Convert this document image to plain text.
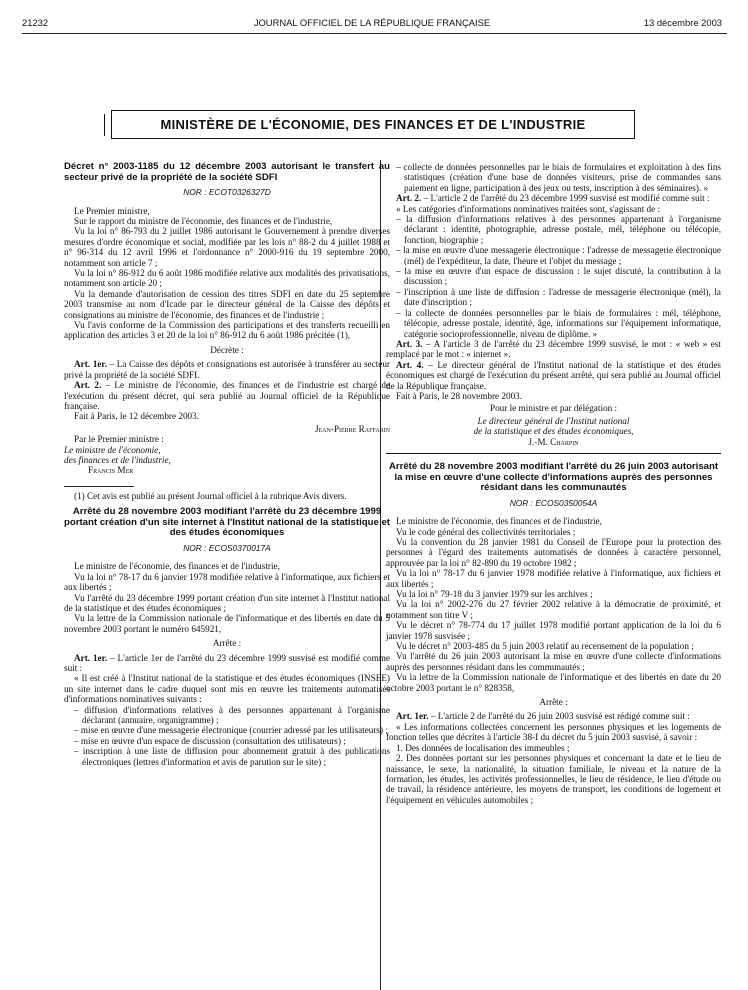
21232	JOURNAL OFFICIEL DE LA RÉPUBLIQUE FRANÇAISE	13 décembre 2003
MINISTÈRE DE L'ÉCONOMIE, DES FINANCES ET DE L'INDUSTRIE

Décret n° 2003-1185 du 12 décembre 2003 autorisant le transfert au secteur privé de la propriété de la société SDFI

NOR : ECOT0326327D

Le Premier ministre,

Sur le rapport du ministre de l'économie, des finances et de l'industrie,

Vu la loi n° 86-793 du 2 juillet 1986 autorisant le Gouvernement à prendre diverses mesures d'ordre économique et social, modifiée par les lois n° 88-2 du 4 juillet 1988 et n° 96-314 du 12 avril 1996 et l'ordonnance n° 2000-916 du 19 septembre 2000, notamment son article 7 ;

Vu la loi n° 86-912 du 6 août 1986 modifiée relative aux modalités des privatisations, notamment son article 20 ;

Vu la demande d'autorisation de cession des titres SDFI en date du 25 septembre 2003 transmise au nom d'Icade par le directeur général de la Caisse des dépôts et consignations au ministre de l'économie, des finances et de l'industrie ;

Vu l'avis conforme de la Commission des participations et des transferts recueilli en application des articles 3 et 20 de la loi n° 86-912 du 6 août 1986 précitée (1),

Décrète :

Art. 1er. – La Caisse des dépôts et consignations est autorisée à transférer au secteur privé la propriété de la société SDFI.

Art. 2. – Le ministre de l'économie, des finances et de l'industrie est chargé de l'exécution du présent décret, qui sera publié au Journal officiel de la République française.

Fait à Paris, le 12 décembre 2003.

Jean-Pierre Raffarin

Par le Premier ministre :

Le ministre de l'économie,

des finances et de l'industrie,

Francis Mer

(1) Cet avis est publié au présent Journal officiel à la rubrique Avis divers.

Arrêté du 28 novembre 2003 modifiant l'arrêté du 23 décembre 1999 portant création d'un site internet à l'Institut national de la statistique et des études économiques

NOR : ECOS0370017A

Le ministre de l'économie, des finances et de l'industrie,

Vu la loi n° 78-17 du 6 janvier 1978 modifiée relative à l'informatique, aux fichiers et aux libertés ;

Vu l'arrêté du 23 décembre 1999 portant création d'un site internet à l'Institut national de la statistique et des études économiques ;

Vu la lettre de la Commission nationale de l'informatique et des libertés en date du 5 novembre 2003 portant le numéro 645921,

Arrête :

Art. 1er. – L'article 1er de l'arrêté du 23 décembre 1999 susvisé est modifié comme suit :

« Il est créé à l'Institut national de la statistique et des études économiques (INSEE) un site internet dans le cadre duquel sont mis en œuvre les traitements automatisés d'informations nominatives suivants :

– diffusion d'informations relatives à des personnes appartenant à l'organisme déclarant (annuaire, organigramme) ;

– mise en œuvre d'une messagerie électronique (courrier adressé par les utilisateurs) ;

– mise en œuvre d'un espace de discussion (consultation des utilisateurs) ;

– inscription à une liste de diffusion pour abonnement gratuit à des publications électroniques (lettres d'information et avis de parution sur le site) ;

– collecte de données personnelles par le biais de formulaires et exploitation à des fins statistiques (création d'une base de données visiteurs, prise de commandes sans paiement en ligne, participation à des jeux ou tests, inscription à des séminaires). »

Art. 2. – L'article 2 de l'arrêté du 23 décembre 1999 susvisé est modifié comme suit :

« Les catégories d'informations nominatives traitées sont, s'agissant de :

– la diffusion d'informations relatives à des personnes appartenant à l'organisme déclarant : identité, photographie, adresse postale, mél, téléphone ou télécopie, fonction, biographie ;

– la mise en œuvre d'une messagerie électronique : l'adresse de messagerie électronique (mél) de l'expéditeur, la date, l'heure et l'objet du message ;

– la mise en œuvre d'un espace de discussion : le sujet discuté, la contribution à la discussion ;

– l'inscription à une liste de diffusion : l'adresse de messagerie électronique (mél), la date d'inscription ;

– la collecte de données personnelles par le biais de formulaires : mél, téléphone, télécopie, adresse postale, identité, âge, informations sur l'équipement informatique, catégorie socioprofessionnelle, niveau de diplôme. »

Art. 3. – A l'article 3 de l'arrêté du 23 décembre 1999 susvisé, le mot : « web » est remplacé par le mot : « internet ».

Art. 4. – Le directeur général de l'Institut national de la statistique et des études économiques est chargé de l'exécution du présent arrêté, qui sera publié au Journal officiel de la République française.

Fait à Paris, le 28 novembre 2003.

Pour le ministre et par délégation :

Le directeur général de l'Institut national

de la statistique et des études économiques,

J.-M. Charpin

Arrêté du 28 novembre 2003 modifiant l'arrêté du 26 juin 2003 autorisant la mise en œuvre d'une collecte d'informations auprès des personnes résidant dans les communautés

NOR : ECOS0350054A

Le ministre de l'économie, des finances et de l'industrie,

Vu le code général des collectivités territoriales ;

Vu la convention du 28 janvier 1981 du Conseil de l'Europe pour la protection des personnes à l'égard des traitements automatisés de données à caractère personnel, approuvée par la loi n° 82-890 du 19 octobre 1982 ;

Vu la loi n° 78-17 du 6 janvier 1978 modifiée relative à l'informatique, aux fichiers et aux libertés ;

Vu la loi n° 79-18 du 3 janvier 1979 sur les archives ;

Vu la loi n° 2002-276 du 27 février 2002 relative à la démocratie de proximité, et notamment son titre V ;

Vu le décret n° 78-774 du 17 juillet 1978 modifié portant application de la loi du 6 janvier 1978 susvisée ;

Vu le décret n° 2003-485 du 5 juin 2003 relatif au recensement de la population ;

Vu l'arrêté du 26 juin 2003 autorisant la mise en œuvre d'une collecte d'informations auprès des personnes résidant dans les communautés ;

Vu la lettre de la Commission nationale de l'informatique et des libertés en date du 20 octobre 2003 portant le n° 828358,

Arrête :

Art. 1er. – L'article 2 de l'arrêté du 26 juin 2003 susvisé est rédigé comme suit :

« Les informations collectées concernent les personnes physiques et les logements de fonction telles que décrites à l'article 38-I du décret du 5 juin 2003 susvisé, à savoir :

1. Des données de localisation des immeubles ;

2. Des données portant sur les personnes physiques et concernant la date et le lieu de naissance, le sexe, la nationalité, la situation familiale, le niveau et la nature de la formation, les études, les activités professionnelles, le lieu de résidence, le lieu d'étude ou de travail, la résidence antérieure, les moyens de transport, les conditions de logement et l'équipement en véhicules automobiles ;
